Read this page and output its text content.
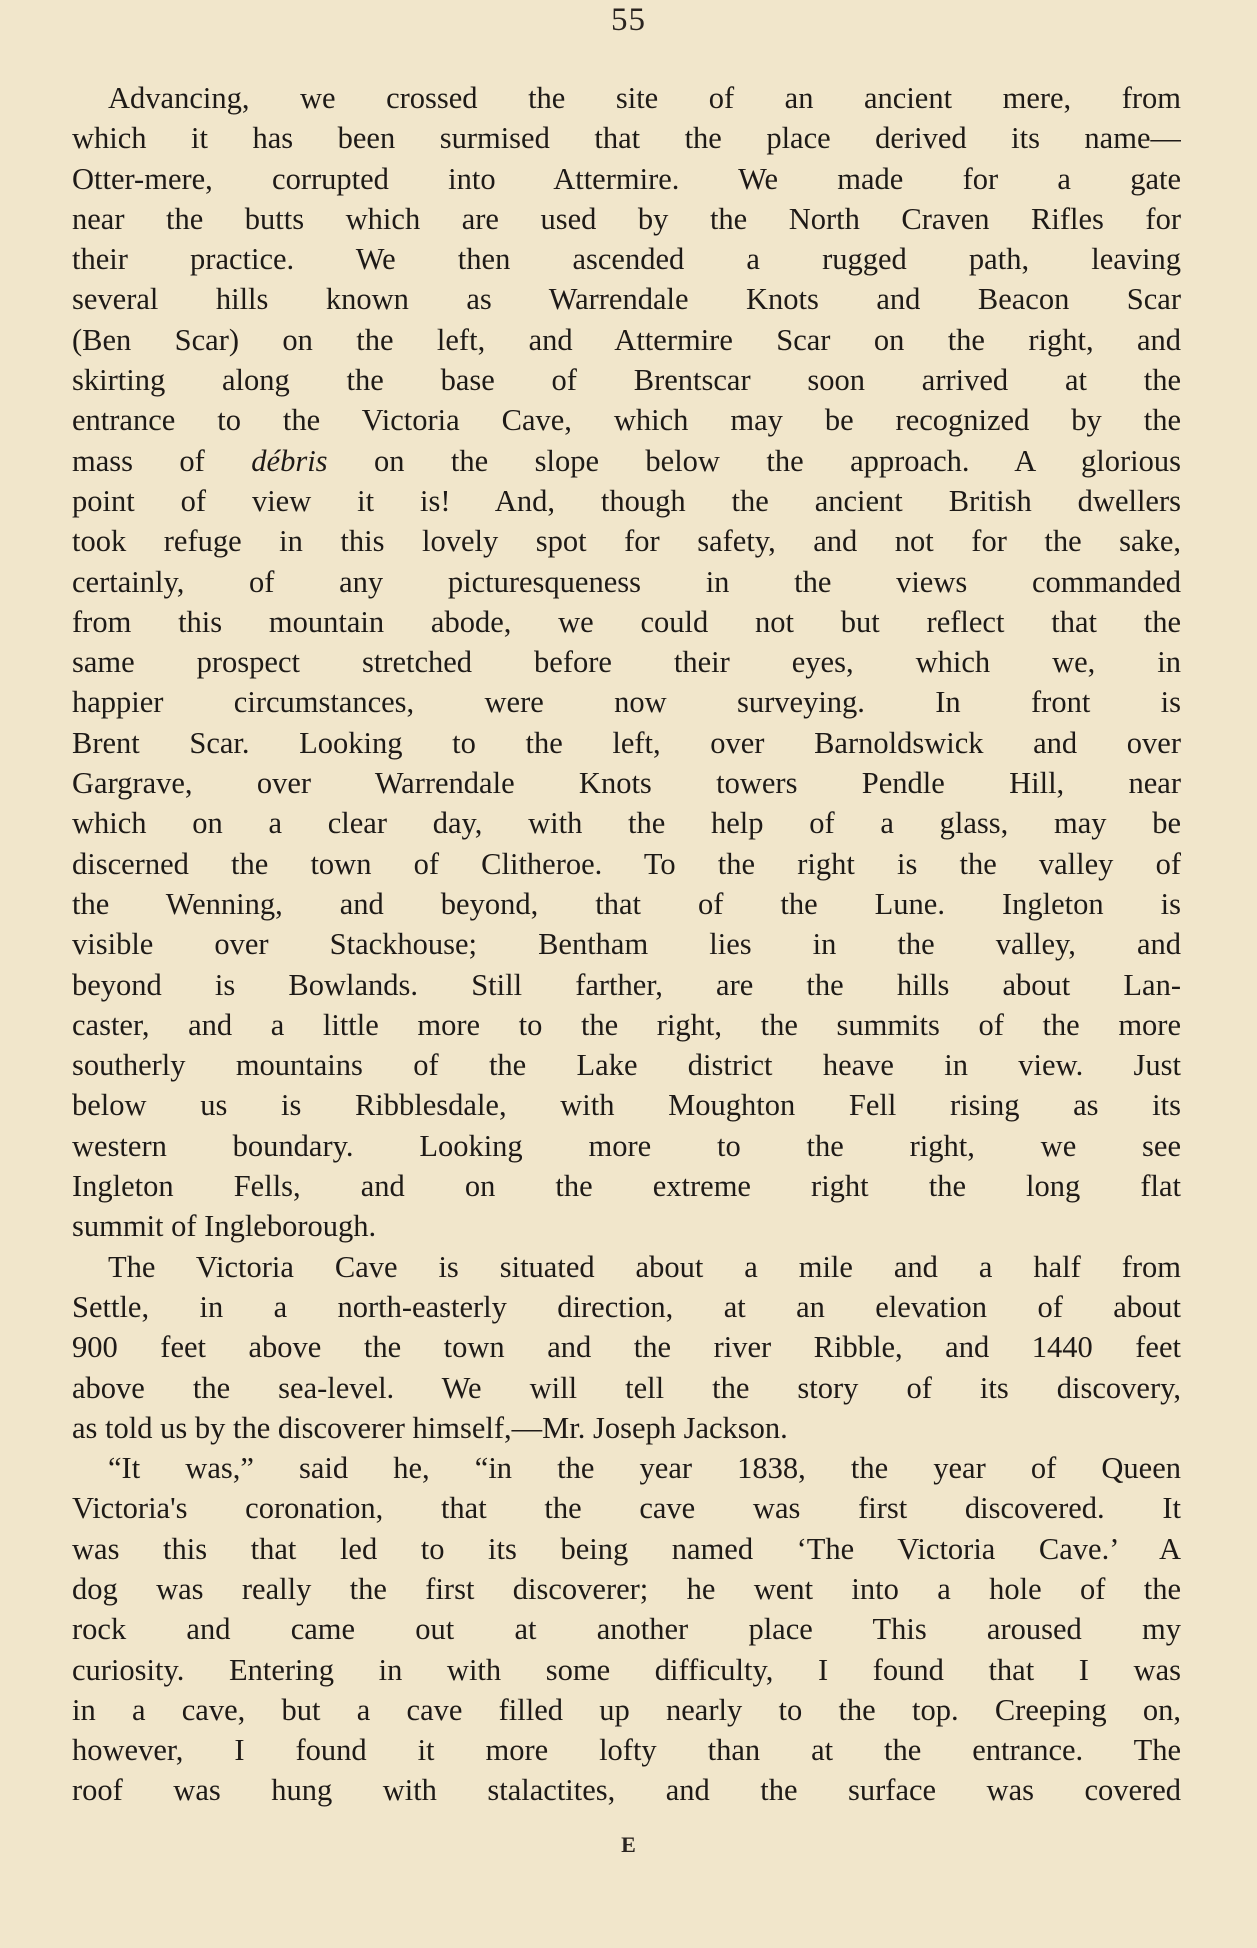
55
Advancing, we crossed the site of an ancient mere, from
which it has been surmised that the place derived its name—
Otter-mere, corrupted into Attermire. We made for a gate
near the butts which are used by the North Craven Rifles for
their practice. We then ascended a rugged path, leaving
several hills known as Warrendale Knots and Beacon Scar
(Ben Scar) on the left, and Attermire Scar on the right, and
skirting along the base of Brentscar soon arrived at the
entrance to the Victoria Cave, which may be recognized by the
mass of débris on the slope below the approach. A glorious
point of view it is! And, though the ancient British dwellers
took refuge in this lovely spot for safety, and not for the sake,
certainly, of any picturesqueness in the views commanded
from this mountain abode, we could not but reflect that the
same prospect stretched before their eyes, which we, in
happier circumstances, were now surveying. In front is
Brent Scar. Looking to the left, over Barnoldswick and over
Gargrave, over Warrendale Knots towers Pendle Hill, near
which on a clear day, with the help of a glass, may be
discerned the town of Clitheroe. To the right is the valley of
the Wenning, and beyond, that of the Lune. Ingleton is
visible over Stackhouse; Bentham lies in the valley, and
beyond is Bowlands. Still farther, are the hills about Lan-
caster, and a little more to the right, the summits of the more
southerly mountains of the Lake district heave in view. Just
below us is Ribblesdale, with Moughton Fell rising as its
western boundary. Looking more to the right, we see
Ingleton Fells, and on the extreme right the long flat
summit of Ingleborough.
The Victoria Cave is situated about a mile and a half from
Settle, in a north-easterly direction, at an elevation of about
900 feet above the town and the river Ribble, and 1440 feet
above the sea-level. We will tell the story of its discovery,
as told us by the discoverer himself,—Mr. Joseph Jackson.
“It was,” said he, “in the year 1838, the year of Queen
Victoria's coronation, that the cave was first discovered. It
was this that led to its being named ‘The Victoria Cave.’ A
dog was really the first discoverer; he went into a hole of the
rock and came out at another place This aroused my
curiosity. Entering in with some difficulty, I found that I was
in a cave, but a cave filled up nearly to the top. Creeping on,
however, I found it more lofty than at the entrance. The
roof was hung with stalactites, and the surface was covered
E
